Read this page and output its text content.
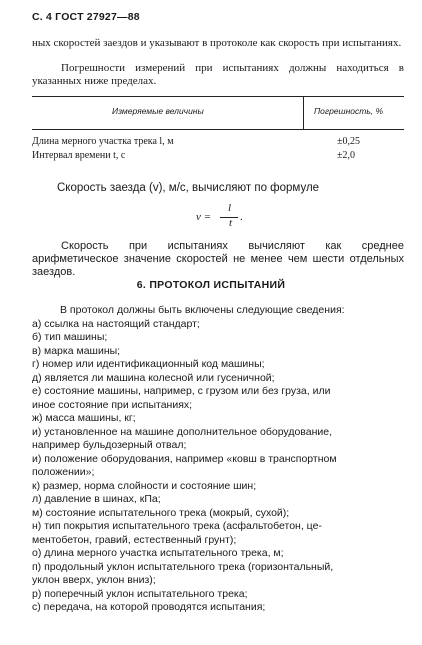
С. 4 ГОСТ 27927—88
ных скоростей заездов и указывают в протоколе как скорость при испытаниях.
Погрешности измерений при испытаниях должны находиться в указанных ниже пределах.
Измеряемые величины	Погрешность, %
Длина мерного участка трека l, м	±0,25
Интервал времени t, с	±2,0
Скорость заезда (v), м/с, вычисляют по формуле
v =
l
t .
Скорость при испытаниях вычисляют как среднее арифметическое значение скоростей не менее чем шести отдельных заездов.
6. ПРОТОКОЛ ИСПЫТАНИЙ
В протокол должны быть включены следующие сведения:
а) ссылка на настоящий стандарт;
б) тип машины;
в) марка машины;
г) номер или идентификационный код машины;
д) является ли машина колесной или гусеничной;
е) состояние машины, например, с грузом или без груза, или
иное состояние при испытаниях;
ж) масса машины, кг;
и) установленное на машине дополнительное оборудование,
например бульдозерный отвал;
и) положение оборудования, например «ковш в транспортном
положении»;
к) размер, норма слойности и состояние шин;
л) давление в шинах, кПа;
м) состояние испытательного трека (мокрый, сухой);
н) тип покрытия испытательного трека (асфальтобетон, це-
ментобетон, гравий, естественный грунт);
о) длина мерного участка испытательного трека, м;
п) продольный уклон испытательного трека (горизонтальный,
уклон вверх, уклон вниз);
р) поперечный уклон испытательного трека;
с) передача, на которой проводятся испытания;
